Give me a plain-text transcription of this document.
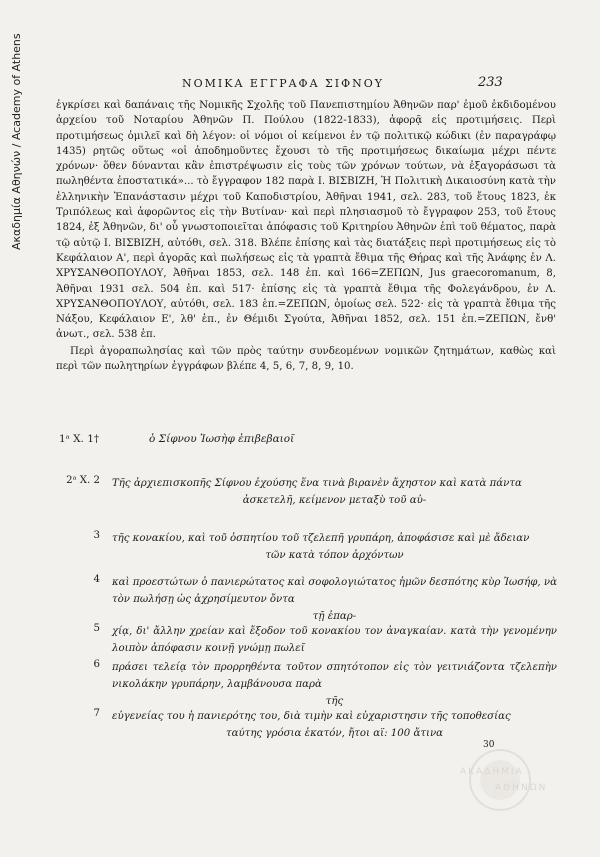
Ακαδημία Αθηνών / Academy of Athens	ΝΟΜΙΚΑ ΕΓΓΡΑΦΑ ΣΙΦΝΟΥ	233

ἐγκρίσει καὶ δαπάναις τῆς Νομικῆς Σχολῆς τοῦ Πανεπιστημίου Ἀθηνῶν παρ' ἐμοῦ ἐκδιδομένου ἀρχείου τοῦ Νοταρίου Ἀθηνῶν Π. Πούλου (1822-1833), ἀφορᾷ εἰς προτιμήσεις. Περὶ προτιμήσεως ὁμιλεῖ καὶ δὴ λέγον: οἱ νόμοι οἱ κείμενοι ἐν τῷ πολιτικῷ κώδικι (ἐν παραγράφῳ 1435) ρητῶς οὕτως «οἱ ἀποδημοῦντες ἔχουσι τὸ τῆς προτιμήσεως δικαίωμα μέχρι πέντε χρόνων· ὅθεν δύνανται κἂν ἐπιστρέψωσιν εἰς τοὺς τῶν χρόνων τούτων, νὰ ἐξαγοράσωσι τὰ πωληθέντα ἐποστατικά»... τὸ ἔγγραφον 182 παρὰ Ι. ΒΙΣΒΙΖΗ, Ἡ Πολιτικὴ Δικαιοσύνη κατὰ τὴν ἑλληνικὴν Ἐπανάστασιν μέχρι τοῦ Καποδιστρίου, Ἀθῆναι 1941, σελ. 283, τοῦ ἔτους 1823, ἐκ Τριπόλεως καὶ ἀφορῶντος εἰς τὴν Βυτίναν· καὶ περὶ πλησιασμοῦ τὸ ἔγγραφον 253, τοῦ ἔτους 1824, ἐξ Ἀθηνῶν, δι' οὗ γνωστοποιεῖται ἀπόφασις τοῦ Κριτηρίου Ἀθηνῶν ἐπὶ τοῦ θέματος, παρὰ τῷ αὐτῷ Ι. ΒΙΣΒΙΖΗ, αὐτόθι, σελ. 318. Βλέπε ἐπίσης καὶ τὰς διατάξεις περὶ προτιμήσεως εἰς τὸ Κεφάλαιον Α', περὶ ἀγορᾶς καὶ πωλήσεως εἰς τὰ γραπτὰ ἔθιμα τῆς Θήρας καὶ τῆς Ἀνάφης ἐν Λ. ΧΡΥΣΑΝΘΟΠΟΥΛΟΥ, Ἀθῆναι 1853, σελ. 148 ἑπ. καὶ 166=ΖΕΠΩΝ, Jus graecoromanum, 8, Ἀθῆναι 1931 σελ. 504 ἑπ. καὶ 517· ἐπίσης εἰς τὰ γραπτὰ ἔθιμα τῆς Φολεγάνδρου, ἐν Λ. ΧΡΥΣΑΝΘΟΠΟΥΛΟΥ, αὐτόθι, σελ. 183 ἑπ.=ΖΕΠΩΝ, ὁμοίως σελ. 522· εἰς τὰ γραπτὰ ἔθιμα τῆς Νάξου, Κεφάλαιον Ε', λθ' ἑπ., ἐν Θέμιδι Σγούτα, Ἀθῆναι 1852, σελ. 151 ἑπ.=ΖΕΠΩΝ, ἔνθ' ἀνωτ., σελ. 538 ἑπ.

Περὶ ἀγοραπωλησίας καὶ τῶν πρὸς ταύτην συνδεομένων νομικῶν ζητημάτων, καθὼς καὶ περὶ τῶν πωλητηρίων ἐγγράφων βλέπε 4, 5, 6, 7, 8, 9, 10.

1ᵃ Χ. 1†	ὁ Σίφνου Ἰωσὴφ ἐπιβεβαιοῖ
2ᵃ Χ. 2 Τῆς ἀρχιεπισκοπῆς Σίφνου ἐχούσης ἕνα τινὰ βιρανὲν ἄχηστον καὶ κατὰ πάντα
ἀσκετελῆ, κείμενον μεταξὺ τοῦ αὐ-
3 τῆς κονακίου, καὶ τοῦ ὀσπητίου τοῦ τζελεπῆ γρυπάρη, ἀποφάσισε καὶ μὲ ἄδειαν
τῶν κατὰ τόπον ἀρχόντων
4 καὶ προεστώτων ὁ πανιερώτατος καὶ σοφολογιώτατος ἡμῶν δεσπότης κὺρ Ἰωσήφ, νὰ τὸν πωλήσῃ ὡς ἀχρησίμευτον ὄντα
τῇ ἐπαρ-
5 χίᾳ, δι' ἄλλην χρείαν καὶ ἔξοδον τοῦ κονακίου τον ἀναγκαίαν. κατὰ τὴν γενομένην λοιπὸν ἀπόφασιν κοινῇ γνώμῃ πωλεῖ
6 πράσει τελείᾳ τὸν προρρηθέντα τοῦτον σπητότοπον εἰς τὸν γειτνιάζοντα τζελεπὴν νικολάκην γρυπάρην, λαμβάνουσα παρὰ
τῆς
7 εὐγενείας του ἡ πανιερότης του, διὰ τιμὴν καὶ εὐχαριστησιν τῆς τοποθεσίας
ταύτης γρόσια ἑκατόν, ἤτοι αϊ: 100 ἄτινα
30
ΑΚΑΔΗΜΙΑ
ΑΘΗΝΩΝ
